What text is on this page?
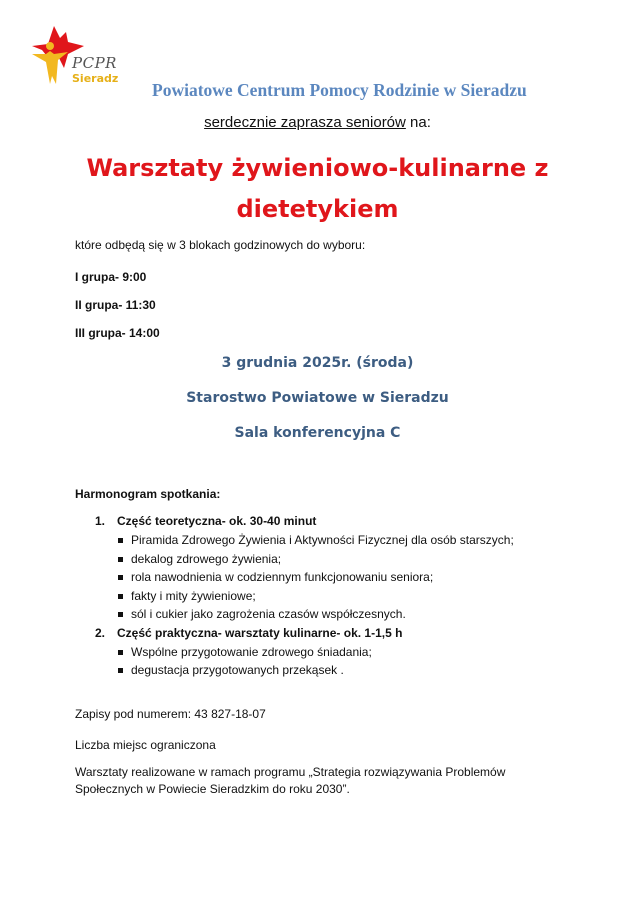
PCPR
Sieradz
Powiatowe Centrum Pomocy Rodzinie w Sieradzu
serdecznie zaprasza seniorów na:
Warsztaty żywieniowo-kulinarne z
dietetykiem
które odbędą się w 3 blokach godzinowych do wyboru:
I grupa- 9:00
II grupa- 11:30
III grupa- 14:00
3 grudnia 2025r. (środa)
Starostwo Powiatowe w Sieradzu
Sala konferencyjna C
Harmonogram spotkania:
1. Część teoretyczna- ok. 30-40 minut
Piramida Zdrowego Żywienia i Aktywności Fizycznej dla osób starszych;
dekalog zdrowego żywienia;
rola nawodnienia w codziennym funkcjonowaniu seniora;
fakty i mity żywieniowe;
sól i cukier jako zagrożenia czasów współczesnych.
2. Część praktyczna- warsztaty kulinarne- ok. 1-1,5 h
Wspólne przygotowanie zdrowego śniadania;
degustacja przygotowanych przekąsek .
Zapisy pod numerem: 43 827-18-07
Liczba miejsc ograniczona
Warsztaty realizowane w ramach programu „Strategia rozwiązywania Problemów
Społecznych w Powiecie Sieradzkim do roku 2030”.
